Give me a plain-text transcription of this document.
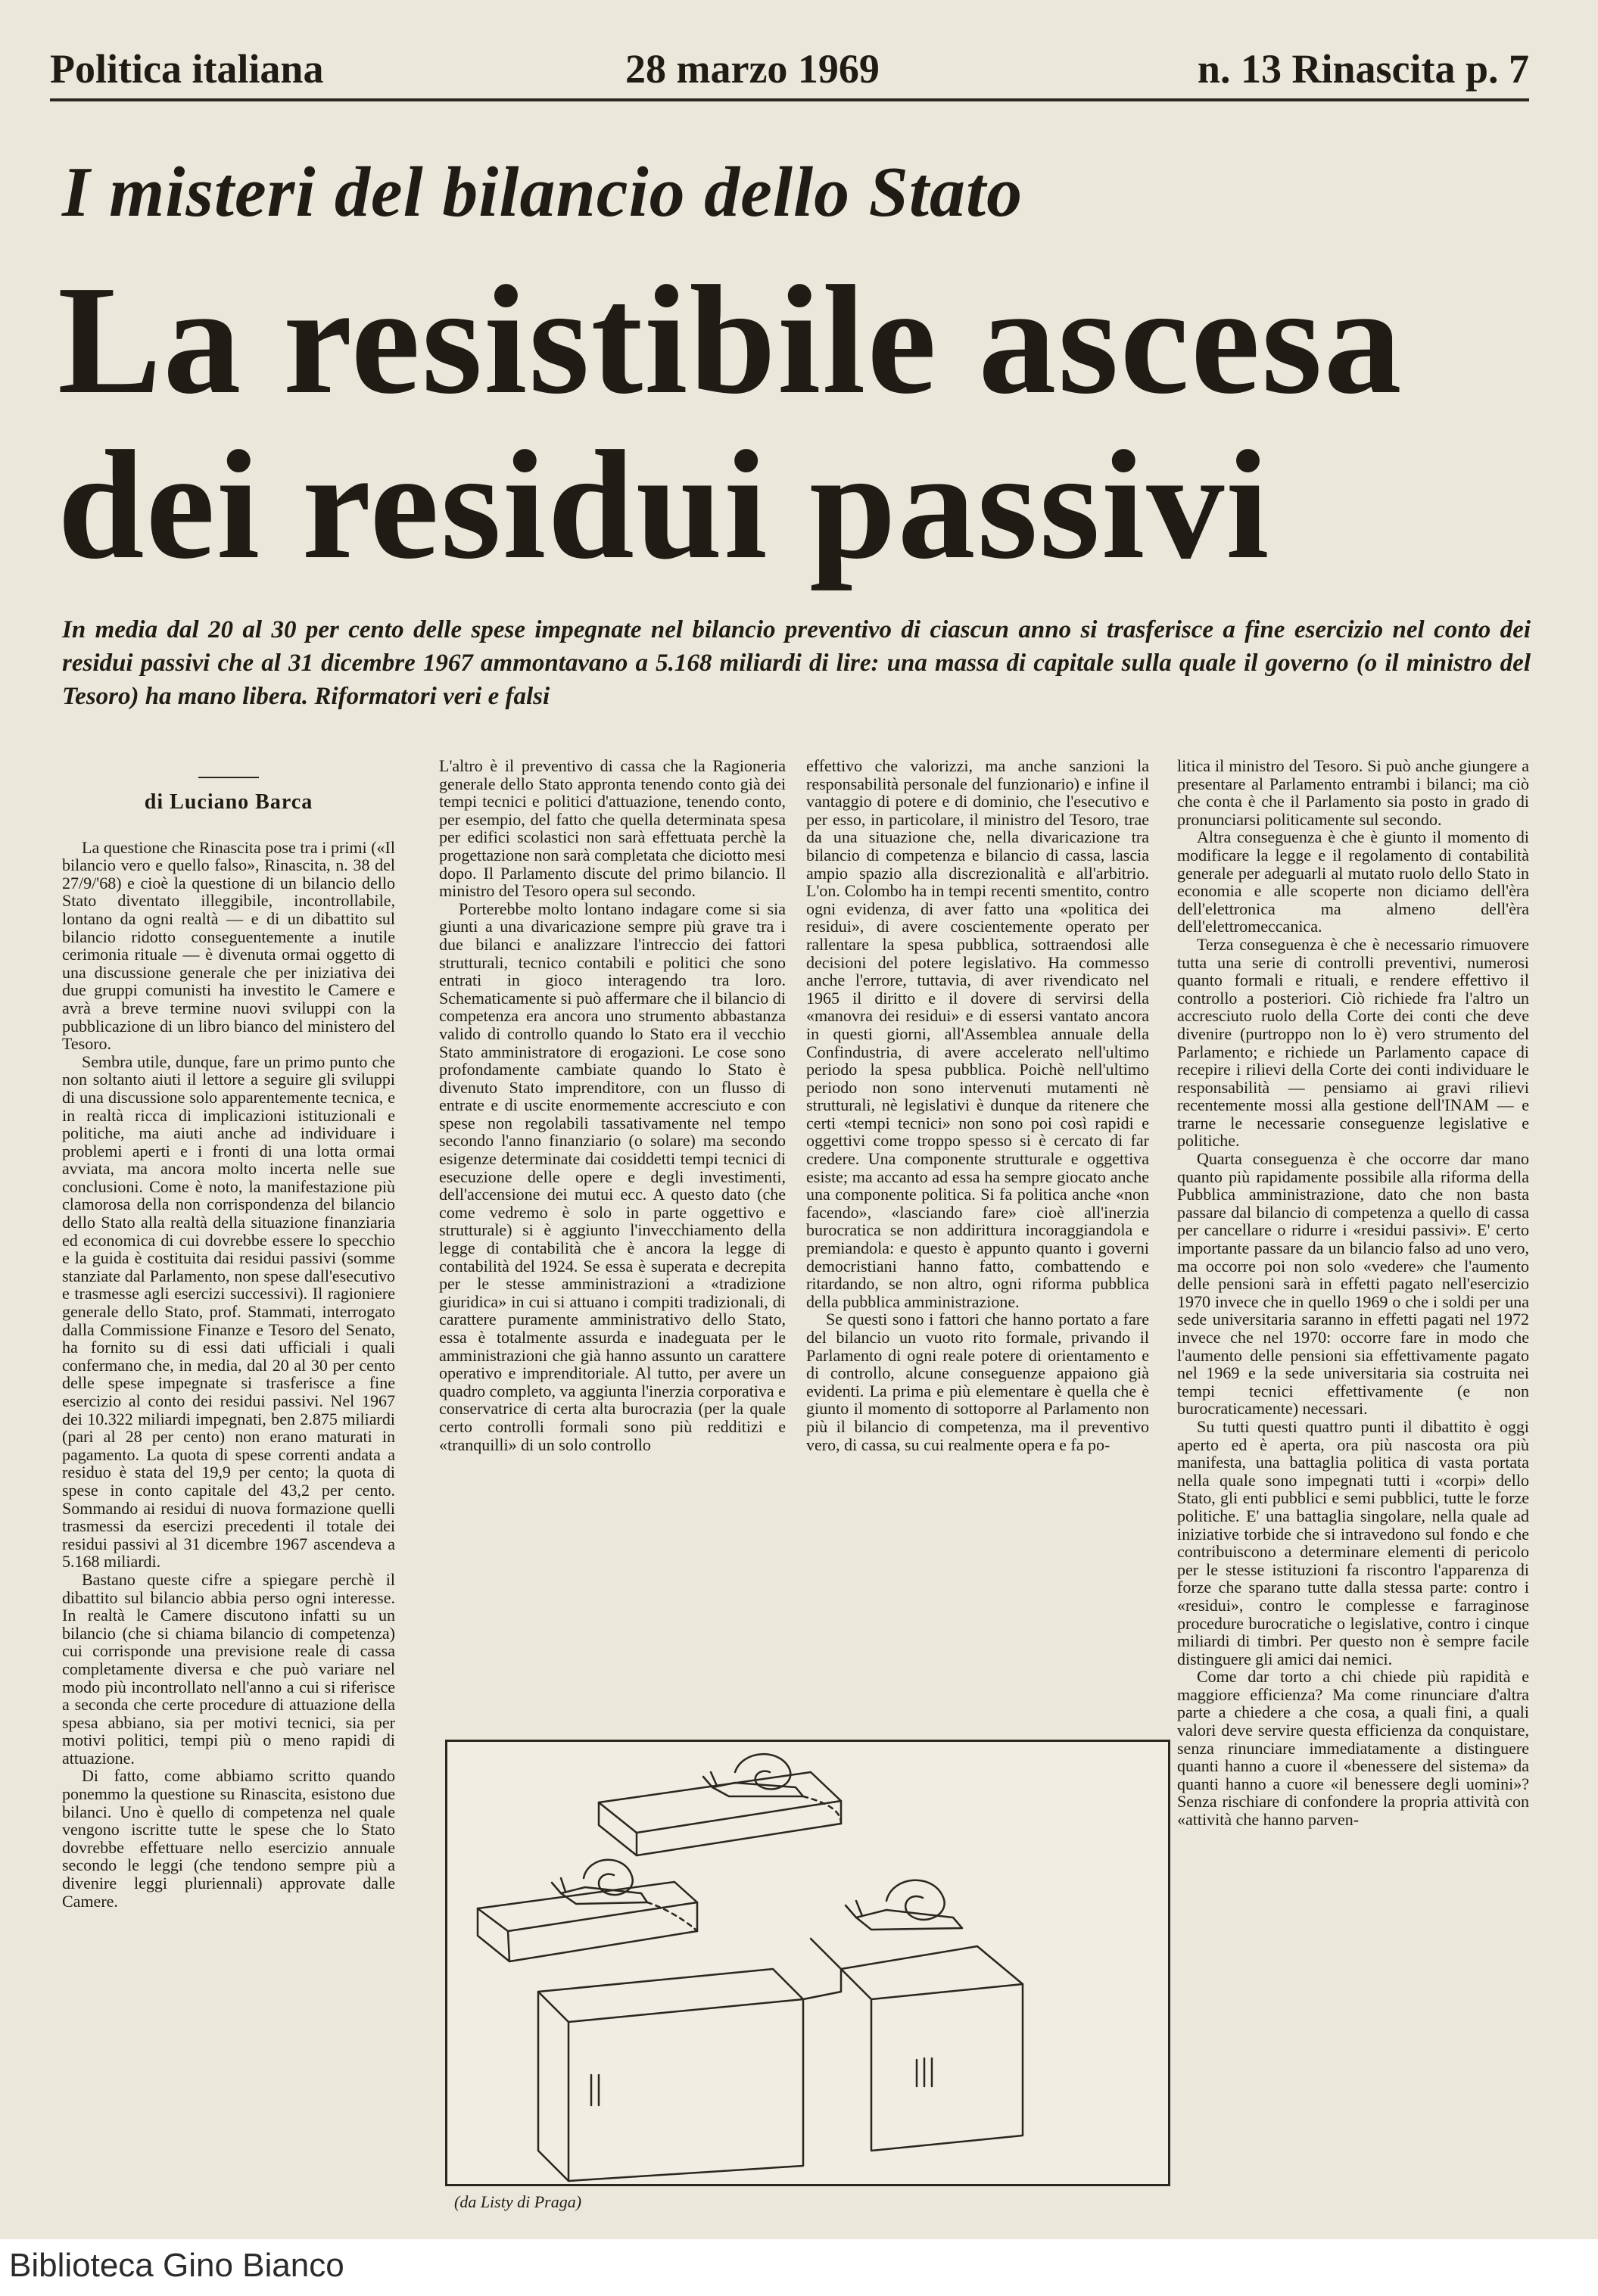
Politica italiana	28 marzo 1969	n. 13 Rinascita p. 7
I misteri del bilancio dello Stato
La resistibile ascesa
dei residui passivi
In media dal 20 al 30 per cento delle spese impegnate nel bilancio preventivo di ciascun anno si trasferisce a fine esercizio nel conto dei residui passivi che al 31 dicembre 1967 ammontavano a 5.168 miliardi di lire: una massa di capitale sulla quale il governo (o il ministro del Tesoro) ha mano libera. Riformatori veri e falsi
di Luciano Barca

La questione che Rinascita pose tra i primi («Il bilancio vero e quello falso», Rinascita, n. 38 del 27/9/'68) e cioè la questione di un bilancio dello Stato diventato illeggibile, incontrollabile, lontano da ogni realtà — e di un dibattito sul bilancio ridotto conseguentemente a inutile cerimonia rituale — è divenuta ormai oggetto di una discussione generale che per iniziativa dei due gruppi comunisti ha investito le Camere e avrà a breve termine nuovi sviluppi con la pubblicazione di un libro bianco del ministero del Tesoro.

Sembra utile, dunque, fare un primo punto che non soltanto aiuti il lettore a seguire gli sviluppi di una discussione solo apparentemente tecnica, e in realtà ricca di implicazioni istituzionali e politiche, ma aiuti anche ad individuare i problemi aperti e i fronti di una lotta ormai avviata, ma ancora molto incerta nelle sue conclusioni. Come è noto, la manifestazione più clamorosa della non corrispondenza del bilancio dello Stato alla realtà della situazione finanziaria ed economica di cui dovrebbe essere lo specchio e la guida è costituita dai residui passivi (somme stanziate dal Parlamento, non spese dall'esecutivo e trasmesse agli esercizi successivi). Il ragioniere generale dello Stato, prof. Stammati, interrogato dalla Commissione Finanze e Tesoro del Senato, ha fornito su di essi dati ufficiali i quali confermano che, in media, dal 20 al 30 per cento delle spese impegnate si trasferisce a fine esercizio al conto dei residui passivi. Nel 1967 dei 10.322 miliardi impegnati, ben 2.875 miliardi (pari al 28 per cento) non erano maturati in pagamento. La quota di spese correnti andata a residuo è stata del 19,9 per cento; la quota di spese in conto capitale del 43,2 per cento. Sommando ai residui di nuova formazione quelli trasmessi da esercizi precedenti il totale dei residui passivi al 31 dicembre 1967 ascendeva a 5.168 miliardi.

Bastano queste cifre a spiegare perchè il dibattito sul bilancio abbia perso ogni interesse. In realtà le Camere discutono infatti su un bilancio (che si chiama bilancio di competenza) cui corrisponde una previsione reale di cassa completamente diversa e che può variare nel modo più incontrollato nell'anno a cui si riferisce a seconda che certe procedure di attuazione della spesa abbiano, sia per motivi tecnici, sia per motivi politici, tempi più o meno rapidi di attuazione.

Di fatto, come abbiamo scritto quando ponemmo la questione su Rinascita, esistono due bilanci. Uno è quello di competenza nel quale vengono iscritte tutte le spese che lo Stato dovrebbe effettuare nello esercizio annuale secondo le leggi (che tendono sempre più a divenire leggi pluriennali) approvate dalle Camere.

L'altro è il preventivo di cassa che la Ragioneria generale dello Stato appronta tenendo conto già dei tempi tecnici e politici d'attuazione, tenendo conto, per esempio, del fatto che quella determinata spesa per edifici scolastici non sarà effettuata perchè la progettazione non sarà completata che diciotto mesi dopo. Il Parlamento discute del primo bilancio. Il ministro del Tesoro opera sul secondo.

Porterebbe molto lontano indagare come si sia giunti a una divaricazione sempre più grave tra i due bilanci e analizzare l'intreccio dei fattori strutturali, tecnico contabili e politici che sono entrati in gioco interagendo tra loro. Schematicamente si può affermare che il bilancio di competenza era ancora uno strumento abbastanza valido di controllo quando lo Stato era il vecchio Stato amministratore di erogazioni. Le cose sono profondamente cambiate quando lo Stato è divenuto Stato imprenditore, con un flusso di entrate e di uscite enormemente accresciuto e con spese non regolabili tassativamente nel tempo secondo l'anno finanziario (o solare) ma secondo esigenze determinate dai cosiddetti tempi tecnici di esecuzione delle opere e degli investimenti, dell'accensione dei mutui ecc. A questo dato (che come vedremo è solo in parte oggettivo e strutturale) si è aggiunto l'invecchiamento della legge di contabilità che è ancora la legge di contabilità del 1924. Se essa è superata e decrepita per le stesse amministrazioni a «tradizione giuridica» in cui si attuano i compiti tradizionali, di carattere puramente amministrativo dello Stato, essa è totalmente assurda e inadeguata per le amministrazioni che già hanno assunto un carattere operativo e imprenditoriale. Al tutto, per avere un quadro completo, va aggiunta l'inerzia corporativa e conservatrice di certa alta burocrazia (per la quale certo controlli formali sono più redditizi e «tranquilli» di un solo controllo

effettivo che valorizzi, ma anche sanzioni la responsabilità personale del funzionario) e infine il vantaggio di potere e di dominio, che l'esecutivo e per esso, in particolare, il ministro del Tesoro, trae da una situazione che, nella divaricazione tra bilancio di competenza e bilancio di cassa, lascia ampio spazio alla discrezionalità e all'arbitrio. L'on. Colombo ha in tempi recenti smentito, contro ogni evidenza, di aver fatto una «politica dei residui», di avere coscientemente operato per rallentare la spesa pubblica, sottraendosi alle decisioni del potere legislativo. Ha commesso anche l'errore, tuttavia, di aver rivendicato nel 1965 il diritto e il dovere di servirsi della «manovra dei residui» e di essersi vantato ancora in questi giorni, all'Assemblea annuale della Confindustria, di avere accelerato nell'ultimo periodo la spesa pubblica. Poichè nell'ultimo periodo non sono intervenuti mutamenti nè strutturali, nè legislativi è dunque da ritenere che certi «tempi tecnici» non sono poi così rapidi e oggettivi come troppo spesso si è cercato di far credere. Una componente strutturale e oggettiva esiste; ma accanto ad essa ha sempre giocato anche una componente politica. Si fa politica anche «non facendo», «lasciando fare» cioè all'inerzia burocratica se non addirittura incoraggiandola e premiandola: e questo è appunto quanto i governi democristiani hanno fatto, combattendo e ritardando, se non altro, ogni riforma pubblica della pubblica amministrazione.

Se questi sono i fattori che hanno portato a fare del bilancio un vuoto rito formale, privando il Parlamento di ogni reale potere di orientamento e di controllo, alcune conseguenze appaiono già evidenti. La prima e più elementare è quella che è giunto il momento di sottoporre al Parlamento non più il bilancio di competenza, ma il preventivo vero, di cassa, su cui realmente opera e fa po-

litica il ministro del Tesoro. Si può anche giungere a presentare al Parlamento entrambi i bilanci; ma ciò che conta è che il Parlamento sia posto in grado di pronunciarsi politicamente sul secondo.

Altra conseguenza è che è giunto il momento di modificare la legge e il regolamento di contabilità generale per adeguarli al mutato ruolo dello Stato in economia e alle scoperte non diciamo dell'èra dell'elettronica ma almeno dell'èra dell'elettromeccanica.

Terza conseguenza è che è necessario rimuovere tutta una serie di controlli preventivi, numerosi quanto formali e rituali, e rendere effettivo il controllo a posteriori. Ciò richiede fra l'altro un accresciuto ruolo della Corte dei conti che deve divenire (purtroppo non lo è) vero strumento del Parlamento; e richiede un Parlamento capace di recepire i rilievi della Corte dei conti individuare le responsabilità — pensiamo ai gravi rilievi recentemente mossi alla gestione dell'INAM — e trarne le necessarie conseguenze legislative e politiche.

Quarta conseguenza è che occorre dar mano quanto più rapidamente possibile alla riforma della Pubblica amministrazione, dato che non basta passare dal bilancio di competenza a quello di cassa per cancellare o ridurre i «residui passivi». E' certo importante passare da un bilancio falso ad uno vero, ma occorre poi non solo «vedere» che l'aumento delle pensioni sarà in effetti pagato nell'esercizio 1970 invece che in quello 1969 o che i soldi per una sede universitaria saranno in effetti pagati nel 1972 invece che nel 1970: occorre fare in modo che l'aumento delle pensioni sia effettivamente pagato nel 1969 e la sede universitaria sia costruita nei tempi tecnici effettivamente (e non burocraticamente) necessari.

Su tutti questi quattro punti il dibattito è oggi aperto ed è aperta, ora più nascosta ora più manifesta, una battaglia politica di vasta portata nella quale sono impegnati tutti i «corpi» dello Stato, gli enti pubblici e semi pubblici, tutte le forze politiche. E' una battaglia singolare, nella quale ad iniziative torbide che si intravedono sul fondo e che contribuiscono a determinare elementi di pericolo per le stesse istituzioni fa riscontro l'apparenza di forze che sparano tutte dalla stessa parte: contro i «residui», contro le complesse e farraginose procedure burocratiche o legislative, contro i cinque miliardi di timbri. Per questo non è sempre facile distinguere gli amici dai nemici.

Come dar torto a chi chiede più rapidità e maggiore efficienza? Ma come rinunciare d'altra parte a chiedere a che cosa, a quali fini, a quali valori deve servire questa efficienza da conquistare, senza rinunciare immediatamente a distinguere quanti hanno a cuore il «benessere del sistema» da quanti hanno a cuore «il benessere degli uomini»? Senza rischiare di confondere la propria attività con «attività che hanno parven-

(da Listy di Praga)
Biblioteca Gino Bianco
